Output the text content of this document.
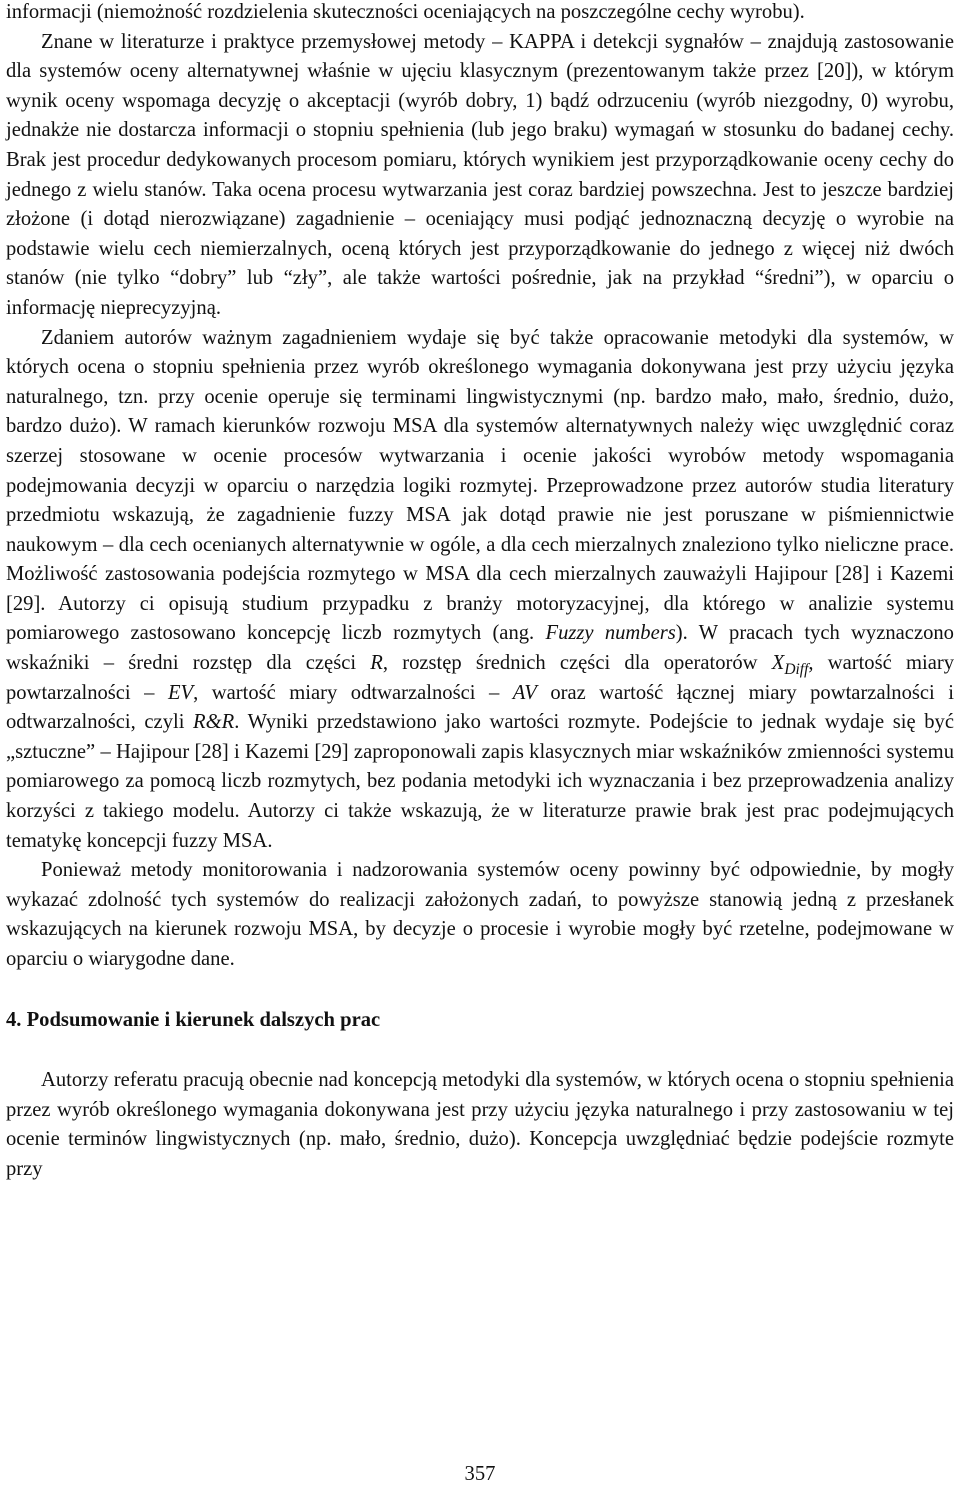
informacji (niemożność rozdzielenia skuteczności oceniających na poszczególne cechy wyrobu).

Znane w literaturze i praktyce przemysłowej metody – KAPPA i detekcji sygnałów – znajdują zastosowanie dla systemów oceny alternatywnej właśnie w ujęciu klasycznym (prezentowanym także przez [20]), w którym wynik oceny wspomaga decyzję o akceptacji (wyrób dobry, 1) bądź odrzuceniu (wyrób niezgodny, 0) wyrobu, jednakże nie dostarcza informacji o stopniu spełnienia (lub jego braku) wymagań w stosunku do badanej cechy. Brak jest procedur dedykowanych procesom pomiaru, których wynikiem jest przyporządkowanie oceny cechy do jednego z wielu stanów. Taka ocena procesu wytwarzania jest coraz bardziej powszechna. Jest to jeszcze bardziej złożone (i dotąd nierozwiązane) zagadnienie – oceniający musi podjąć jednoznaczną decyzję o wyrobie na podstawie wielu cech niemierzalnych, oceną których jest przyporządkowanie do jednego z więcej niż dwóch stanów (nie tylko “dobry” lub “zły”, ale także wartości pośrednie, jak na przykład “średni”), w oparciu o informację nieprecyzyjną.

Zdaniem autorów ważnym zagadnieniem wydaje się być także opracowanie metodyki dla systemów, w których ocena o stopniu spełnienia przez wyrób określonego wymagania dokonywana jest przy użyciu języka naturalnego, tzn. przy ocenie operuje się terminami lingwistycznymi (np. bardzo mało, mało, średnio, dużo, bardzo dużo). W ramach kierunków rozwoju MSA dla systemów alternatywnych należy więc uwzględnić coraz szerzej stosowane w ocenie procesów wytwarzania i ocenie jakości wyrobów metody wspomagania podejmowania decyzji w oparciu o narzędzia logiki rozmytej. Przeprowadzone przez autorów studia literatury przedmiotu wskazują, że zagadnienie fuzzy MSA jak dotąd prawie nie jest poruszane w piśmiennictwie naukowym – dla cech ocenianych alternatywnie w ogóle, a dla cech mierzalnych znaleziono tylko nieliczne prace. Możliwość zastosowania podejścia rozmytego w MSA dla cech mierzalnych zauważyli Hajipour [28] i Kazemi [29]. Autorzy ci opisują studium przypadku z branży motoryzacyjnej, dla którego w analizie systemu pomiarowego zastosowano koncepcję liczb rozmytych (ang. Fuzzy numbers). W pracach tych wyznaczono wskaźniki – średni rozstęp dla części R, rozstęp średnich części dla operatorów $X_{Diff}$, wartość miary powtarzalności – EV, wartość miary odtwarzalności – AV oraz wartość łącznej miary powtarzalności i odtwarzalności, czyli R&R. Wyniki przedstawiono jako wartości rozmyte. Podejście to jednak wydaje się być „sztuczne” – Hajipour [28] i Kazemi [29] zaproponowali zapis klasycznych miar wskaźników zmienności systemu pomiarowego za pomocą liczb rozmytych, bez podania metodyki ich wyznaczania i bez przeprowadzenia analizy korzyści z takiego modelu. Autorzy ci także wskazują, że w literaturze prawie brak jest prac podejmujących tematykę koncepcji fuzzy MSA.

Ponieważ metody monitorowania i nadzorowania systemów oceny powinny być odpowiednie, by mogły wykazać zdolność tych systemów do realizacji założonych zadań, to powyższe stanowią jedną z przesłanek wskazujących na kierunek rozwoju MSA, by decyzje o procesie i wyrobie mogły być rzetelne, podejmowane w oparciu o wiarygodne dane.

4. Podsumowanie i kierunek dalszych prac

Autorzy referatu pracują obecnie nad koncepcją metodyki dla systemów, w których ocena o stopniu spełnienia przez wyrób określonego wymagania dokonywana jest przy użyciu języka naturalnego i przy zastosowaniu w tej ocenie terminów lingwistycznych (np. mało, średnio, dużo). Koncepcja uwzględniać będzie podejście rozmyte przy

357
